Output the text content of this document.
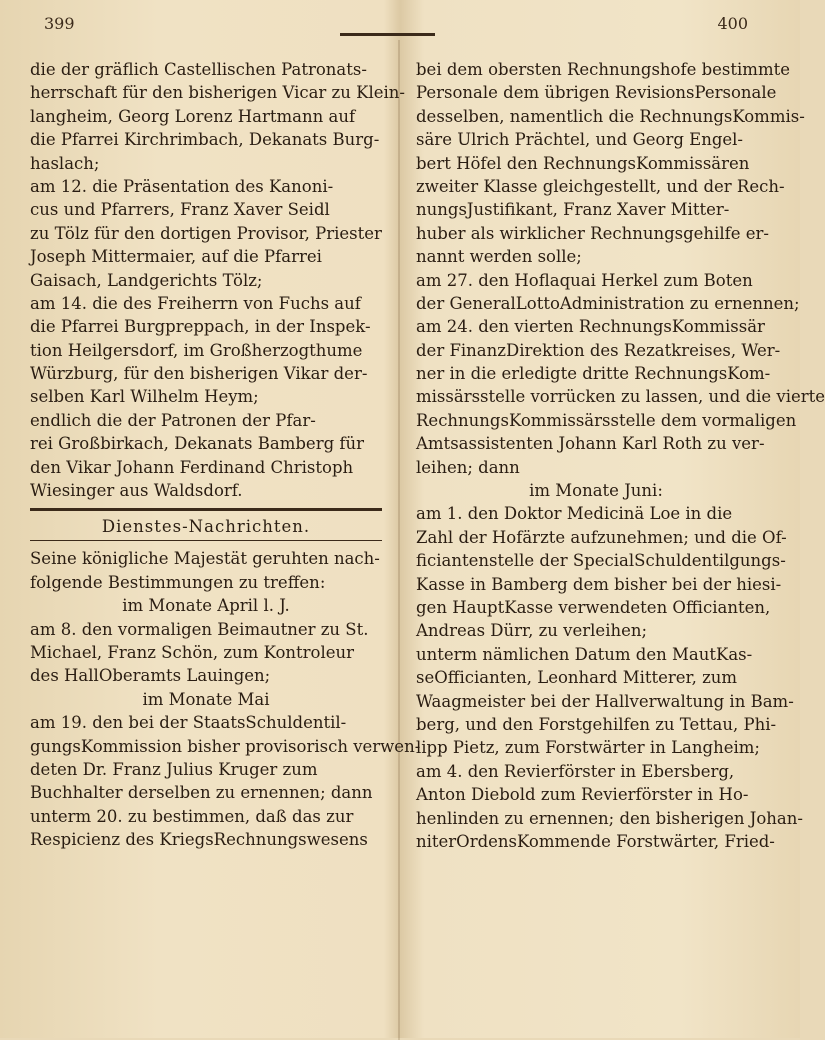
399	400
die der gräflich Castellischen Patronats-
herrschaft für den bisherigen Vicar zu Klein-
langheim, Georg Lorenz Hartmann auf
die Pfarrei Kirchrimbach, Dekanats Burg-
haslach;
am 12. die Präsentation des Kanoni-
cus und Pfarrers, Franz Xaver Seidl
zu Tölz für den dortigen Provisor, Priester
Joseph Mittermaier, auf die Pfarrei
Gaisach, Landgerichts Tölz;
am 14. die des Freiherrn von Fuchs auf
die Pfarrei Burgpreppach, in der Inspek-
tion Heilgersdorf, im Großherzogthume
Würzburg, für den bisherigen Vikar der-
selben Karl Wilhelm Heym;
endlich die der Patronen der Pfar-
rei Großbirkach, Dekanats Bamberg für
den Vikar Johann Ferdinand Christoph
Wiesinger aus Waldsdorf.
Dienstes-Nachrichten.
Seine königliche Majestät geruhten nach-
folgende Bestimmungen zu treffen:
im Monate April l. J.
am 8. den vormaligen Beimautner zu St.
Michael, Franz Schön, zum Kontroleur
des HallOberamts Lauingen;
im Monate Mai
am 19. den bei der StaatsSchuldentil-
gungsKommission bisher provisorisch verwen-
deten Dr. Franz Julius Kruger zum
Buchhalter derselben zu ernennen; dann
unterm 20. zu bestimmen, daß das zur
Respicienz des KriegsRechnungswesens
bei dem obersten Rechnungshofe bestimmte
Personale dem übrigen RevisionsPersonale
desselben, namentlich die RechnungsKommis-
säre Ulrich Prächtel, und Georg Engel-
bert Höfel den RechnungsKommissären
zweiter Klasse gleichgestellt, und der Rech-
nungsJustifikant, Franz Xaver Mitter-
huber als wirklicher Rechnungsgehilfe er-
nannt werden solle;
am 27. den Hoflaquai Herkel zum Boten
der GeneralLottoAdministration zu ernennen;
am 24. den vierten RechnungsKommissär
der FinanzDirektion des Rezatkreises, Wer-
ner in die erledigte dritte RechnungsKom-
missärsstelle vorrücken zu lassen, und die vierte
RechnungsKommissärsstelle dem vormaligen
Amtsassistenten Johann Karl Roth zu ver-
leihen; dann
im Monate Juni:
am 1. den Doktor Medicinä Loe in die
Zahl der Hofärzte aufzunehmen; und die Of-
ficiantenstelle der SpecialSchuldentilgungs-
Kasse in Bamberg dem bisher bei der hiesi-
gen HauptKasse verwendeten Officianten,
Andreas Dürr, zu verleihen;
unterm nämlichen Datum den MautKas-
seOfficianten, Leonhard Mitterer, zum
Waagmeister bei der Hallverwaltung in Bam-
berg, und den Forstgehilfen zu Tettau, Phi-
lipp Pietz, zum Forstwärter in Langheim;
am 4. den Revierförster in Ebersberg,
Anton Diebold zum Revierförster in Ho-
henlinden zu ernennen; den bisherigen Johan-
niterOrdensKommende Forstwärter, Fried-
